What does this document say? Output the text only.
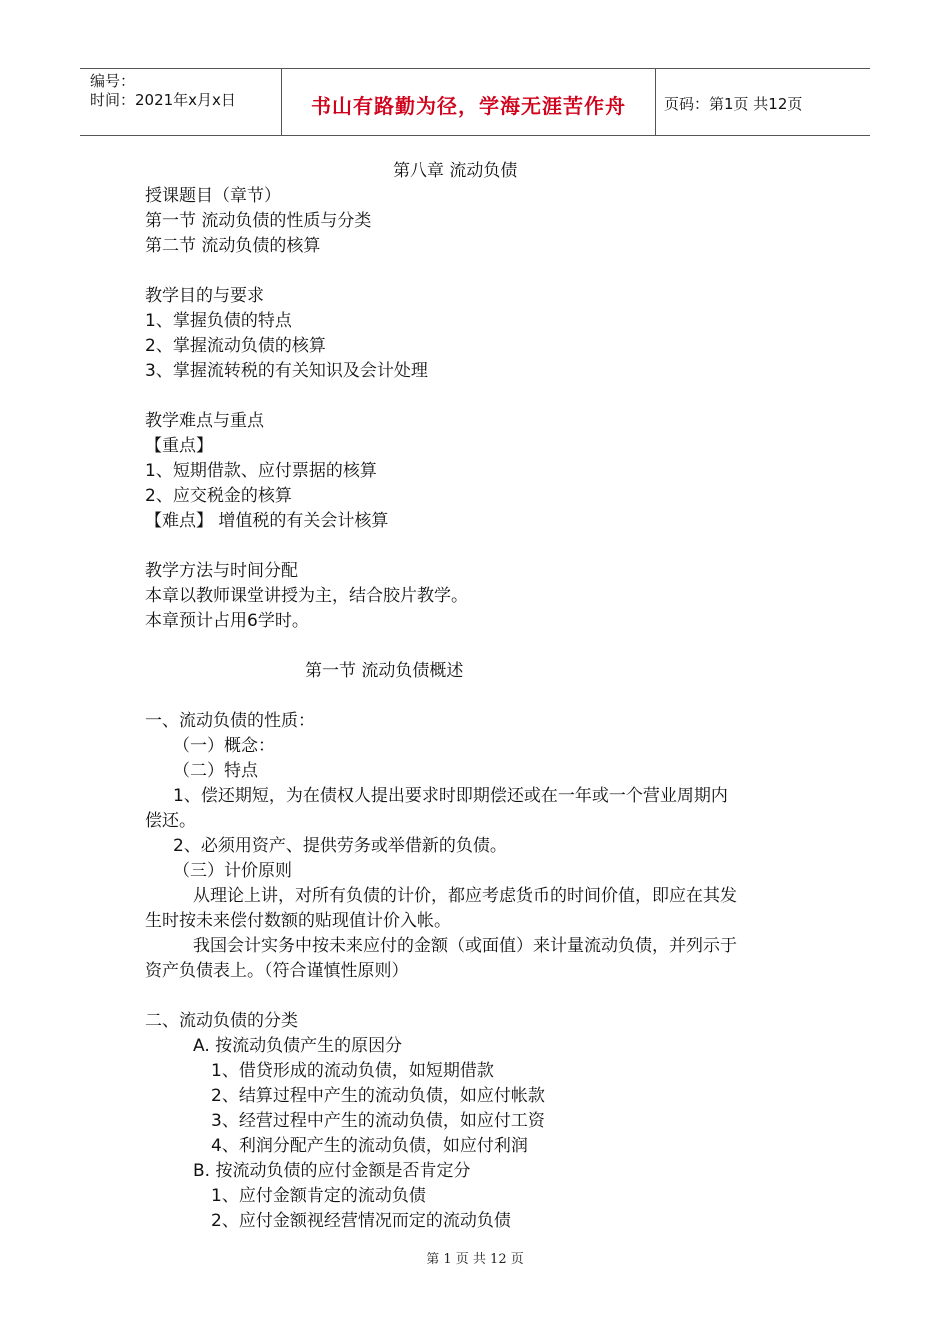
编号：
时间：2021年x月x日	书山有路勤为径，学海无涯苦作舟	页码：第1页 共12页
第八章 流动负债
授课题目（章节）
第一节 流动负债的性质与分类
第二节 流动负债的核算
教学目的与要求
1、掌握负债的特点
2、掌握流动负债的核算
3、掌握流转税的有关知识及会计处理
教学难点与重点
【重点】
1、短期借款、应付票据的核算
2、应交税金的核算
【难点】 增值税的有关会计核算
教学方法与时间分配
本章以教师课堂讲授为主，结合胶片教学。
本章预计占用6学时。
第一节 流动负债概述
一、流动负债的性质：
（一）概念：
（二）特点
1、偿还期短，为在债权人提出要求时即期偿还或在一年或一个营业周期内
偿还。
2、必须用资产、提供劳务或举借新的负债。
（三）计价原则
从理论上讲，对所有负债的计价，都应考虑货币的时间价值，即应在其发
生时按未来偿付数额的贴现值计价入帐。
我国会计实务中按未来应付的金额（或面值）来计量流动负债，并列示于
资产负债表上。（符合谨慎性原则）
二、流动负债的分类
A. 按流动负债产生的原因分
1、借贷形成的流动负债，如短期借款
2、结算过程中产生的流动负债，如应付帐款
3、经营过程中产生的流动负债，如应付工资
4、利润分配产生的流动负债，如应付利润
B. 按流动负债的应付金额是否肯定分
1、应付金额肯定的流动负债
2、应付金额视经营情况而定的流动负债
第 1 页 共 12 页
